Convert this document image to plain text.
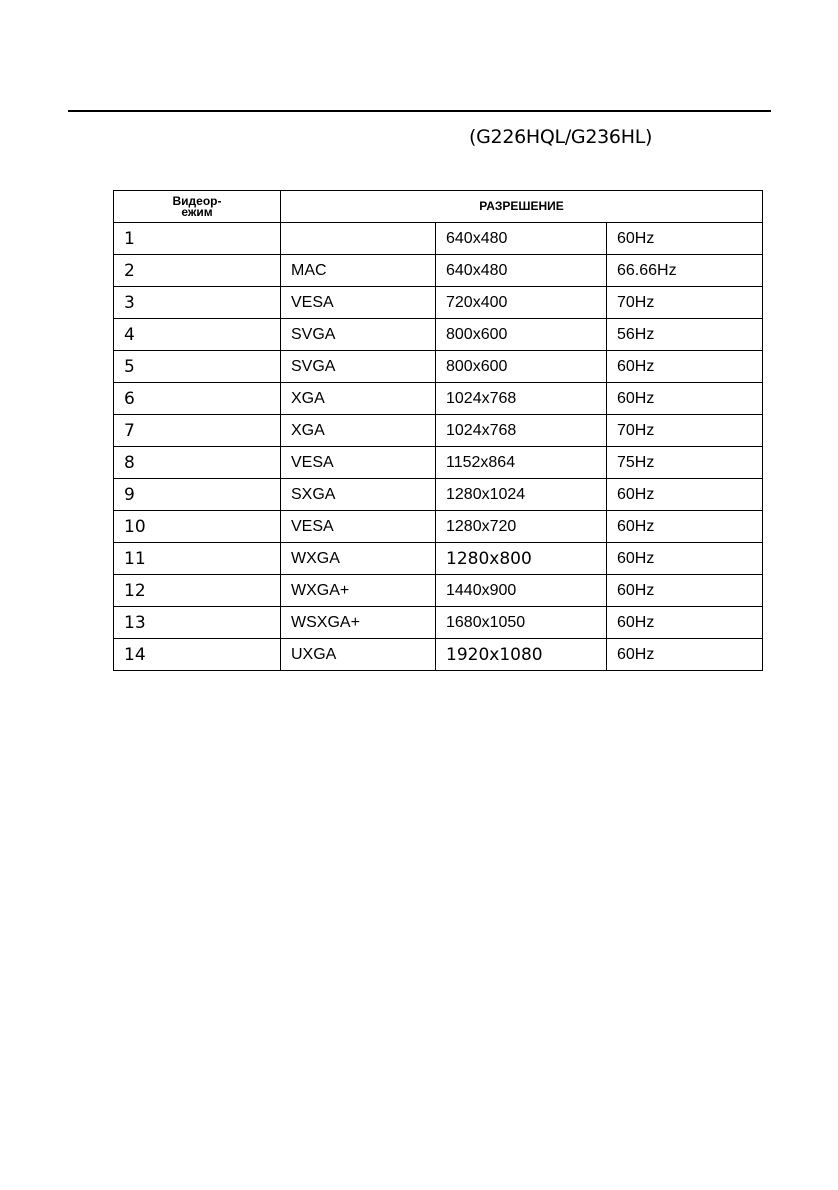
(G226HQL/G236HL)
Видеор-ежим	РАЗРЕШЕНИЕ		
1		640x480	60Hz
2	MAC	640x480	66.66Hz
3	VESA	720x400	70Hz
4	SVGA	800x600	56Hz
5	SVGA	800x600	60Hz
6	XGA	1024x768	60Hz
7	XGA	1024x768	70Hz
8	VESA	1152x864	75Hz
9	SXGA	1280x1024	60Hz
10	VESA	1280x720	60Hz
11	WXGA	1280x800	60Hz
12	WXGA+	1440x900	60Hz
13	WSXGA+	1680x1050	60Hz
14	UXGA	1920x1080	60Hz
